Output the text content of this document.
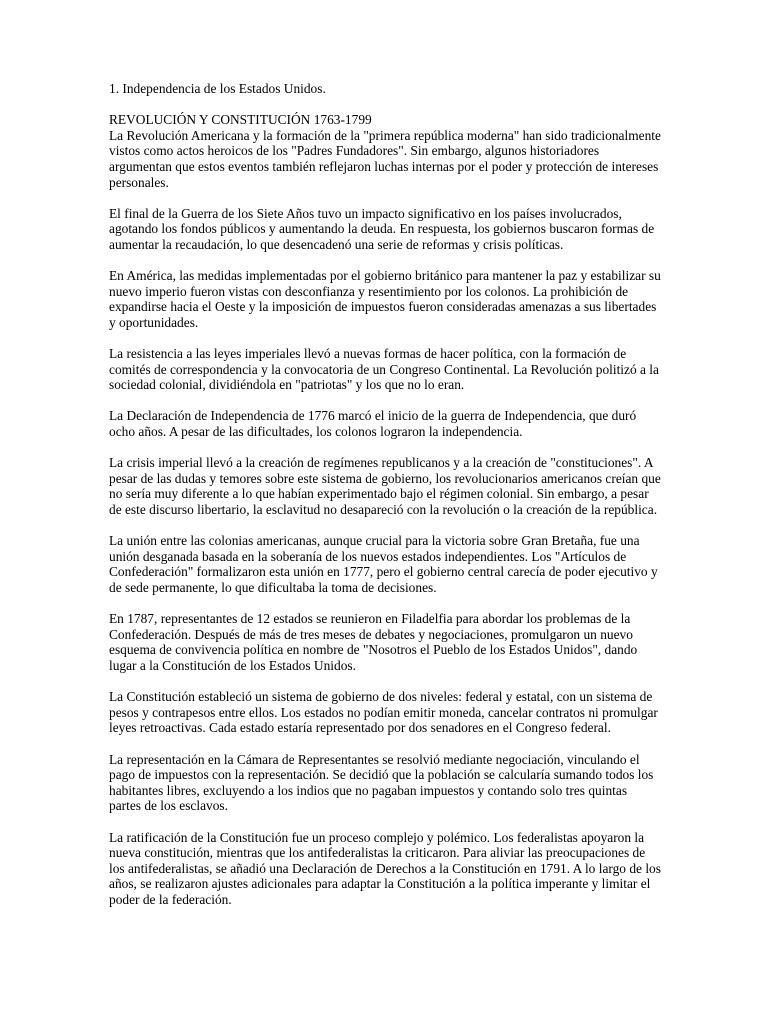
1. Independencia de los Estados Unidos.
REVOLUCIÓN Y CONSTITUCIÓN 1763-1799

La Revolución Americana y la formación de la "primera república moderna" han sido tradicionalmente vistos como actos heroicos de los "Padres Fundadores". Sin embargo, algunos historiadores argumentan que estos eventos también reflejaron luchas internas por el poder y protección de intereses personales.

El final de la Guerra de los Siete Años tuvo un impacto significativo en los países involucrados, agotando los fondos públicos y aumentando la deuda. En respuesta, los gobiernos buscaron formas de aumentar la recaudación, lo que desencadenó una serie de reformas y crisis políticas.

En América, las medidas implementadas por el gobierno británico para mantener la paz y estabilizar su nuevo imperio fueron vistas con desconfianza y resentimiento por los colonos. La prohibición de expandirse hacia el Oeste y la imposición de impuestos fueron consideradas amenazas a sus libertades y oportunidades.

La resistencia a las leyes imperiales llevó a nuevas formas de hacer política, con la formación de comités de correspondencia y la convocatoria de un Congreso Continental. La Revolución politizó a la sociedad colonial, dividiéndola en "patriotas" y los que no lo eran.

La Declaración de Independencia de 1776 marcó el inicio de la guerra de Independencia, que duró ocho años. A pesar de las dificultades, los colonos lograron la independencia.

La crisis imperial llevó a la creación de regímenes republicanos y a la creación de "constituciones". A pesar de las dudas y temores sobre este sistema de gobierno, los revolucionarios americanos creían que no sería muy diferente a lo que habían experimentado bajo el régimen colonial. Sin embargo, a pesar de este discurso libertario, la esclavitud no desapareció con la revolución o la creación de la república.

La unión entre las colonias americanas, aunque crucial para la victoria sobre Gran Bretaña, fue una unión desganada basada en la soberanía de los nuevos estados independientes. Los "Artículos de Confederación" formalizaron esta unión en 1777, pero el gobierno central carecía de poder ejecutivo y de sede permanente, lo que dificultaba la toma de decisiones.

En 1787, representantes de 12 estados se reunieron en Filadelfia para abordar los problemas de la Confederación. Después de más de tres meses de debates y negociaciones, promulgaron un nuevo esquema de convivencia política en nombre de "Nosotros el Pueblo de los Estados Unidos", dando lugar a la Constitución de los Estados Unidos.

La Constitución estableció un sistema de gobierno de dos niveles: federal y estatal, con un sistema de pesos y contrapesos entre ellos. Los estados no podían emitir moneda, cancelar contratos ni promulgar leyes retroactivas. Cada estado estaría representado por dos senadores en el Congreso federal.

La representación en la Cámara de Representantes se resolvió mediante negociación, vinculando el pago de impuestos con la representación. Se decidió que la población se calcularía sumando todos los habitantes libres, excluyendo a los indios que no pagaban impuestos y contando solo tres quintas partes de los esclavos.

La ratificación de la Constitución fue un proceso complejo y polémico. Los federalistas apoyaron la nueva constitución, mientras que los antifederalistas la criticaron. Para aliviar las preocupaciones de los antifederalistas, se añadió una Declaración de Derechos a la Constitución en 1791. A lo largo de los años, se realizaron ajustes adicionales para adaptar la Constitución a la política imperante y limitar el poder de la federación.
